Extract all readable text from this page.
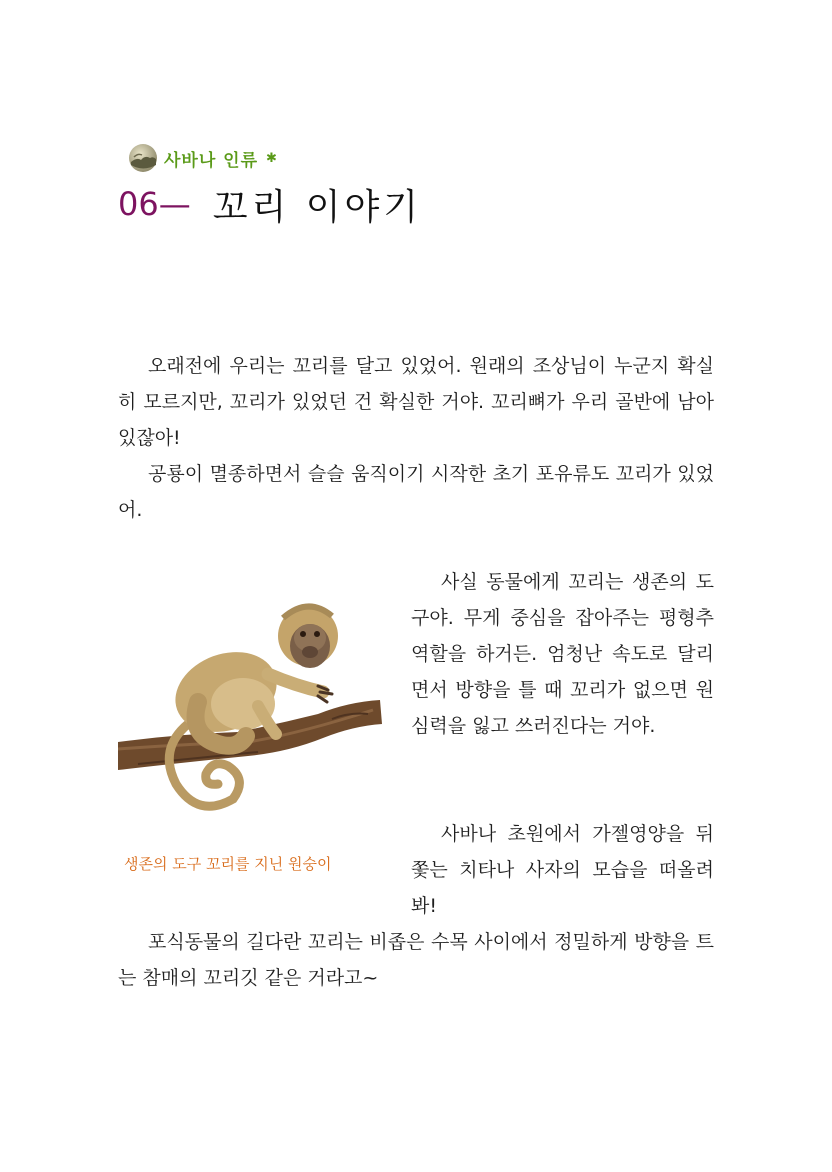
사바나 인류 ✱
06 — 꼬리 이야기

오래전에 우리는 꼬리를 달고 있었어. 원래의 조상님이 누군지 확실히 모르지만, 꼬리가 있었던 건 확실한 거야. 꼬리뼈가 우리 골반에 남아 있잖아!

공룡이 멸종하면서 슬슬 움직이기 시작한 초기 포유류도 꼬리가 있었어.

생존의 도구 꼬리를 지닌 원숭이

사실 동물에게 꼬리는 생존의 도구야. 무게 중심을 잡아주는 평형추 역할을 하거든. 엄청난 속도로 달리면서 방향을 틀 때 꼬리가 없으면 원심력을 잃고 쓰러진다는 거야.

사바나 초원에서 가젤영양을 뒤쫓는 치타나 사자의 모습을 떠올려 봐!

포식동물의 길다란 꼬리는 비좁은 수목 사이에서 정밀하게 방향을 트는 참매의 꼬리깃 같은 거라고~
